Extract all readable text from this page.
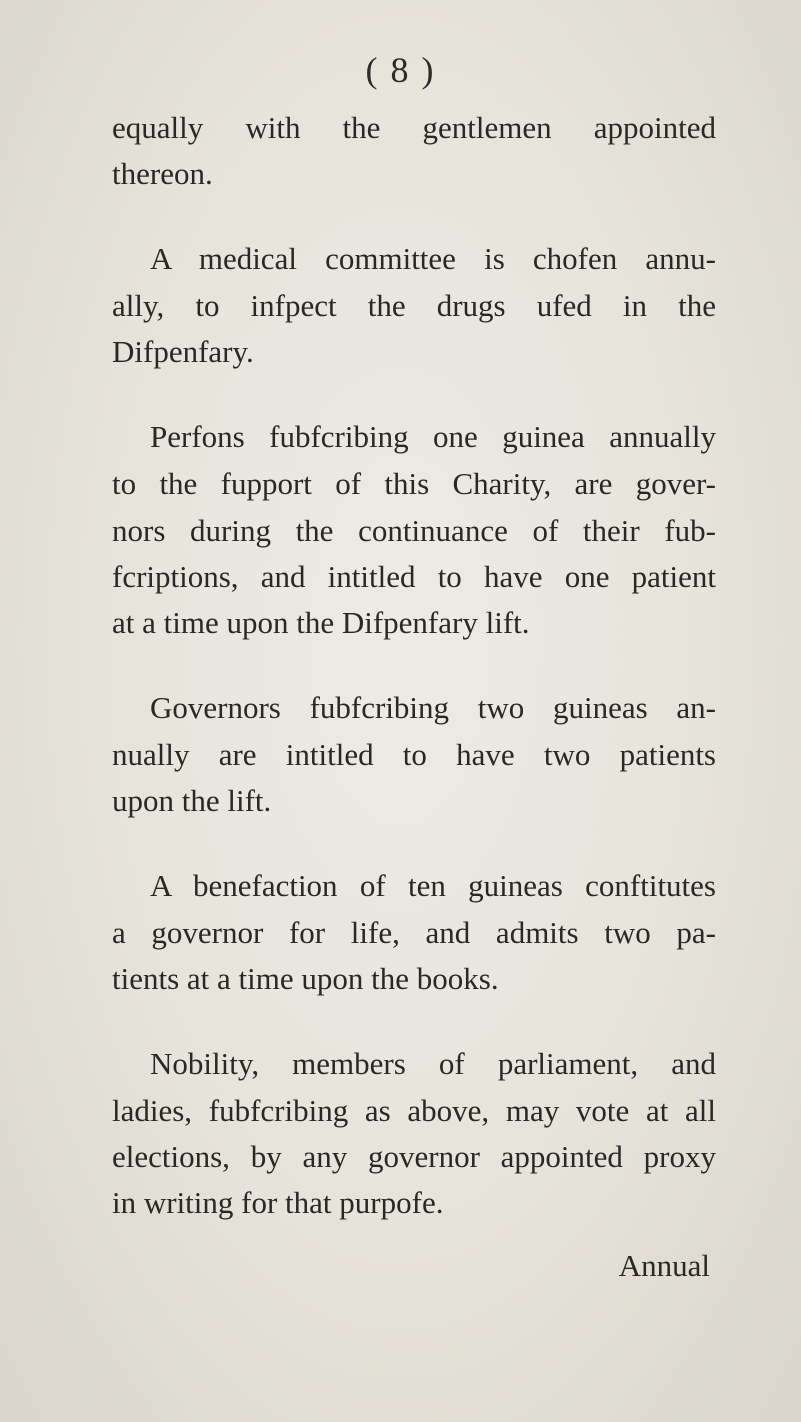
( 8 )
equally with the gentlemen appointed
thereon.
A medical committee is chofen annu-
ally, to infpect the drugs ufed in the
Difpenfary.
Perfons fubfcribing one guinea annually
to the fupport of this Charity, are gover-
nors during the continuance of their fub-
fcriptions, and intitled to have one patient
at a time upon the Difpenfary lift.
Governors fubfcribing two guineas an-
nually are intitled to have two patients
upon the lift.
A benefaction of ten guineas conftitutes
a governor for life, and admits two pa-
tients at a time upon the books.
Nobility, members of parliament, and
ladies, fubfcribing as above, may vote at all
elections, by any governor appointed proxy
in writing for that purpofe.
Annual
